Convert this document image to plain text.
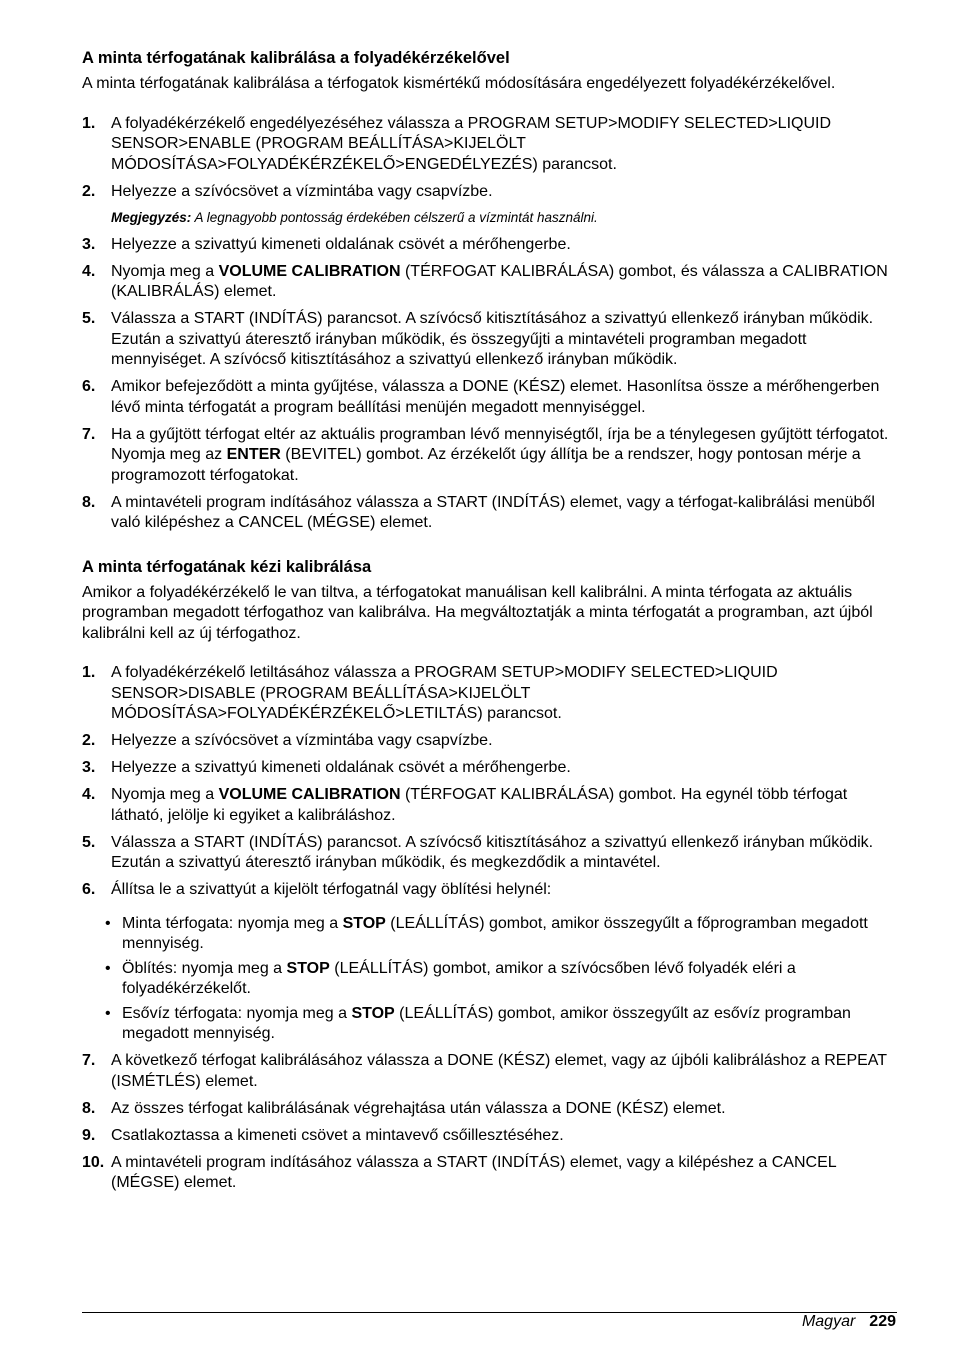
A minta térfogatának kalibrálása a folyadékérzékelővel

A minta térfogatának kalibrálása a térfogatok kismértékű módosítására engedélyezett folyadékérzékelővel.

1. A folyadékérzékelő engedélyezéséhez válassza a PROGRAM SETUP>MODIFY SELECTED>LIQUID SENSOR>ENABLE (PROGRAM BEÁLLÍTÁSA>KIJELÖLT MÓDOSÍTÁSA>FOLYADÉKÉRZÉKELŐ>ENGEDÉLYEZÉS) parancsot.
2. Helyezze a szívócsövet a vízmintába vagy csapvízbe.
Megjegyzés: A legnagyobb pontosság érdekében célszerű a vízmintát használni.
3. Helyezze a szivattyú kimeneti oldalának csövét a mérőhengerbe.
4. Nyomja meg a VOLUME CALIBRATION (TÉRFOGAT KALIBRÁLÁSA) gombot, és válassza a CALIBRATION (KALIBRÁLÁS) elemet.
5. Válassza a START (INDÍTÁS) parancsot. A szívócső kitisztításához a szivattyú ellenkező irányban működik. Ezután a szivattyú áteresztő irányban működik, és összegyűjti a mintavételi programban megadott mennyiséget. A szívócső kitisztításához a szivattyú ellenkező irányban működik.
6. Amikor befejeződött a minta gyűjtése, válassza a DONE (KÉSZ) elemet. Hasonlítsa össze a mérőhengerben lévő minta térfogatát a program beállítási menüjén megadott mennyiséggel.
7. Ha a gyűjtött térfogat eltér az aktuális programban lévő mennyiségtől, írja be a ténylegesen gyűjtött térfogatot. Nyomja meg az ENTER (BEVITEL) gombot. Az érzékelőt úgy állítja be a rendszer, hogy pontosan mérje a programozott térfogatokat.
8. A mintavételi program indításához válassza a START (INDÍTÁS) elemet, vagy a térfogat-kalibrálási menüből való kilépéshez a CANCEL (MÉGSE) elemet.
A minta térfogatának kézi kalibrálása

Amikor a folyadékérzékelő le van tiltva, a térfogatokat manuálisan kell kalibrálni. A minta térfogata az aktuális programban megadott térfogathoz van kalibrálva. Ha megváltoztatják a minta térfogatát a programban, azt újból kalibrálni kell az új térfogathoz.

1. A folyadékérzékelő letiltásához válassza a PROGRAM SETUP>MODIFY SELECTED>LIQUID SENSOR>DISABLE (PROGRAM BEÁLLÍTÁSA>KIJELÖLT MÓDOSÍTÁSA>FOLYADÉKÉRZÉKELŐ>LETILTÁS) parancsot.
2. Helyezze a szívócsövet a vízmintába vagy csapvízbe.
3. Helyezze a szivattyú kimeneti oldalának csövét a mérőhengerbe.
4. Nyomja meg a VOLUME CALIBRATION (TÉRFOGAT KALIBRÁLÁSA) gombot. Ha egynél több térfogat látható, jelölje ki egyiket a kalibráláshoz.
5. Válassza a START (INDÍTÁS) parancsot. A szívócső kitisztításához a szivattyú ellenkező irányban működik. Ezután a szivattyú áteresztő irányban működik, és megkezdődik a mintavétel.
6. Állítsa le a szivattyút a kijelölt térfogatnál vagy öblítési helynél:
• Minta térfogata: nyomja meg a STOP (LEÁLLÍTÁS) gombot, amikor összegyűlt a főprogramban megadott mennyiség.
• Öblítés: nyomja meg a STOP (LEÁLLÍTÁS) gombot, amikor a szívócsőben lévő folyadék eléri a folyadékérzékelőt.
• Esővíz térfogata: nyomja meg a STOP (LEÁLLÍTÁS) gombot, amikor összegyűlt az esővíz programban megadott mennyiség.
7. A következő térfogat kalibrálásához válassza a DONE (KÉSZ) elemet, vagy az újbóli kalibráláshoz a REPEAT (ISMÉTLÉS) elemet.
8. Az összes térfogat kalibrálásának végrehajtása után válassza a DONE (KÉSZ) elemet.
9. Csatlakoztassa a kimeneti csövet a mintavevő csőillesztéséhez.
10. A mintavételi program indításához válassza a START (INDÍTÁS) elemet, vagy a kilépéshez a CANCEL (MÉGSE) elemet.
Magyar 229
